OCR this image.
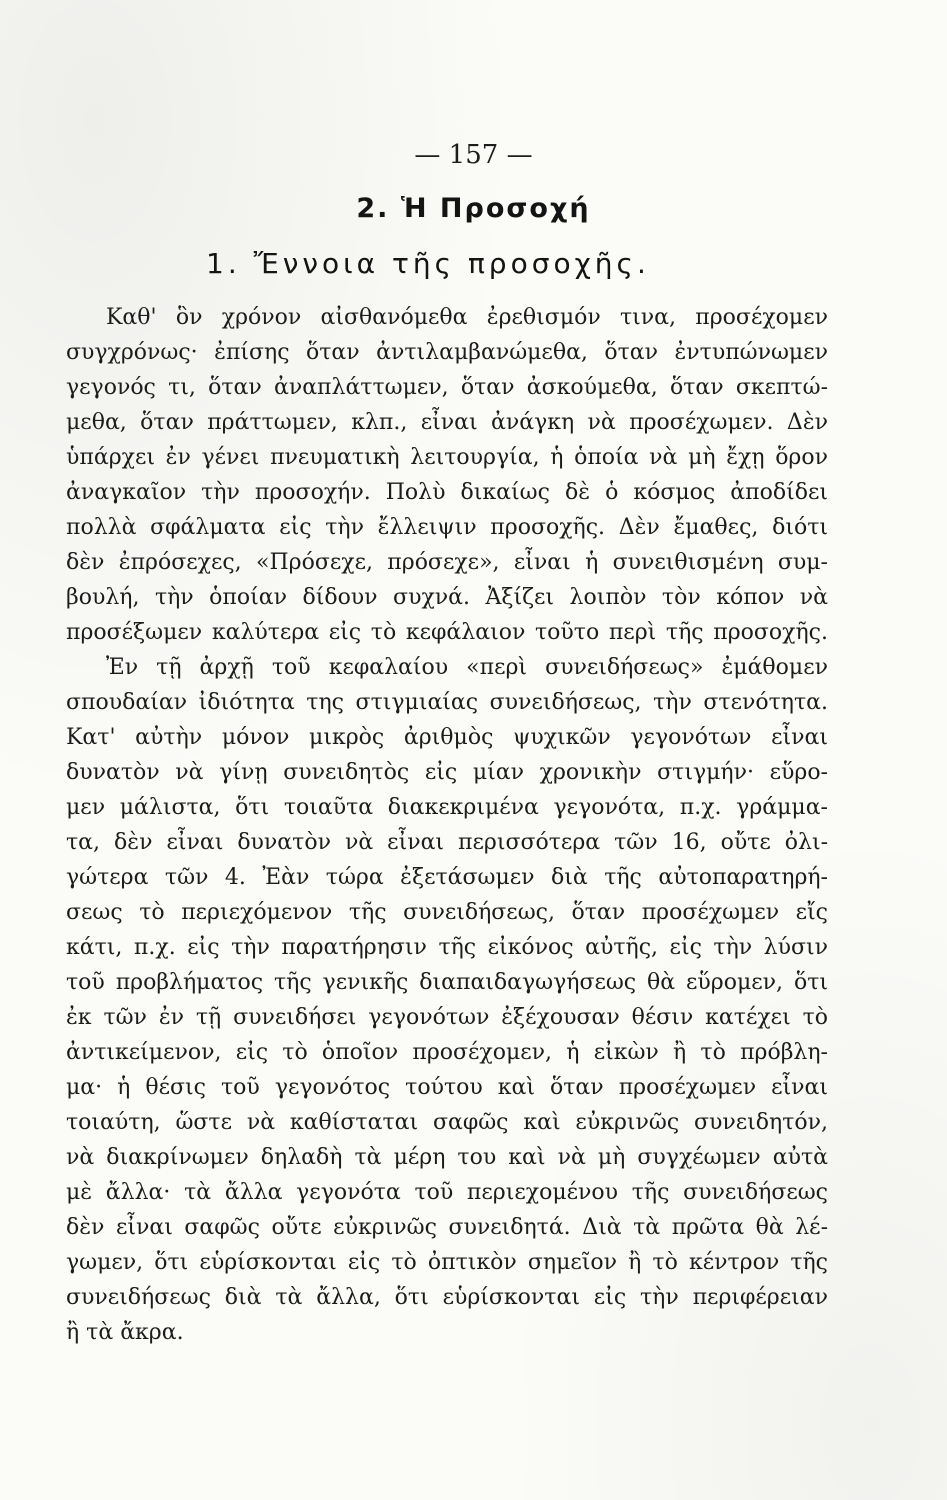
— 157 —
2. Ἡ Προσοχή
1. Ἔννοια τῆς προσοχῆς.
Καθ' ὃν χρόνον αἰσθανόμεθα ἐρεθισμόν τινα, προσέχομεν
συγχρόνως· ἐπίσης ὅταν ἀντιλαμβανώμεθα, ὅταν ἐντυπώνωμεν
γεγονός τι, ὅταν ἀναπλάττωμεν, ὅταν ἀσκούμεθα, ὅταν σκεπτώ-
μεθα, ὅταν πράττωμεν, κλπ., εἶναι ἀνάγκη νὰ προσέχωμεν. Δὲν
ὑπάρχει ἐν γένει πνευματικὴ λειτουργία, ἡ ὁποία νὰ μὴ ἔχῃ ὅρον
ἀναγκαῖον τὴν προσοχήν. Πολὺ δικαίως δὲ ὁ κόσμος ἀποδίδει
πολλὰ σφάλματα εἰς τὴν ἔλλειψιν προσοχῆς. Δὲν ἔμαθες, διότι
δὲν ἐπρόσεχες, «Πρόσεχε, πρόσεχε», εἶναι ἡ συνειθισμένη συμ-
βουλή, τὴν ὁποίαν δίδουν συχνά. Ἀξίζει λοιπὸν τὸν κόπον νὰ
προσέξωμεν καλύτερα εἰς τὸ κεφάλαιον τοῦτο περὶ τῆς προσοχῆς.
Ἐν τῇ ἀρχῇ τοῦ κεφαλαίου «περὶ συνειδήσεως» ἐμάθομεν
σπουδαίαν ἰδιότητα της στιγμιαίας συνειδήσεως, τὴν στενότητα.
Κατ' αὐτὴν μόνον μικρὸς ἀριθμὸς ψυχικῶν γεγονότων εἶναι
δυνατὸν νὰ γίνῃ συνειδητὸς εἰς μίαν χρονικὴν στιγμήν· εὕρο-
μεν μάλιστα, ὅτι τοιαῦτα διακεκριμένα γεγονότα, π.χ. γράμμα-
τα, δὲν εἶναι δυνατὸν νὰ εἶναι περισσότερα τῶν 16, οὔτε ὀλι-
γώτερα τῶν 4. Ἐὰν τώρα ἐξετάσωμεν διὰ τῆς αὐτοπαρατηρή-
σεως τὸ περιεχόμενον τῆς συνειδήσεως, ὅταν προσέχωμεν εἴς
κάτι, π.χ. εἰς τὴν παρατήρησιν τῆς εἰκόνος αὐτῆς, εἰς τὴν λύσιν
τοῦ προβλήματος τῆς γενικῆς διαπαιδαγωγήσεως θὰ εὕρομεν, ὅτι
ἐκ τῶν ἐν τῇ συνειδήσει γεγονότων ἐξέχουσαν θέσιν κατέχει τὸ
ἀντικείμενον, εἰς τὸ ὁποῖον προσέχομεν, ἡ εἰκὼν ἢ τὸ πρόβλη-
μα· ἡ θέσις τοῦ γεγονότος τούτου καὶ ὅταν προσέχωμεν εἶναι
τοιαύτη, ὥστε νὰ καθίσταται σαφῶς καὶ εὐκρινῶς συνειδητόν,
νὰ διακρίνωμεν δηλαδὴ τὰ μέρη του καὶ νὰ μὴ συγχέωμεν αὐτὰ
μὲ ἄλλα· τὰ ἄλλα γεγονότα τοῦ περιεχομένου τῆς συνειδήσεως
δὲν εἶναι σαφῶς οὔτε εὐκρινῶς συνειδητά. Διὰ τὰ πρῶτα θὰ λέ-
γωμεν, ὅτι εὑρίσκονται εἰς τὸ ὀπτικὸν σημεῖον ἢ τὸ κέντρον τῆς
συνειδήσεως διὰ τὰ ἄλλα, ὅτι εὑρίσκονται εἰς τὴν περιφέρειαν
ἢ τὰ ἄκρα.
